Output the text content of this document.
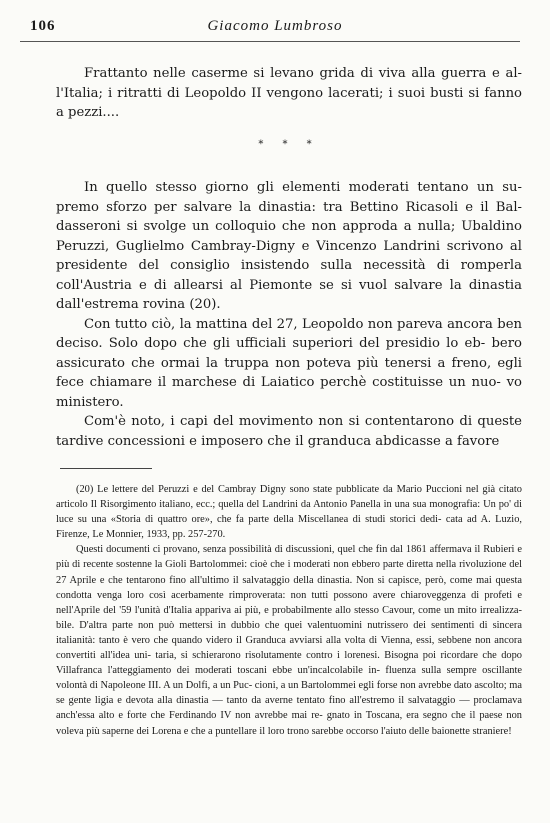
106	Giacomo Lumbroso

Frattanto nelle caserme si levano grida di viva alla guerra e al- l'Italia; i ritratti di Leopoldo II vengono lacerati; i suoi busti si fanno a pezzi....

* * *

In quello stesso giorno gli elementi moderati tentano un su- premo sforzo per salvare la dinastia: tra Bettino Ricasoli e il Bal- dasseroni si svolge un colloquio che non approda a nulla; Ubaldino Peruzzi, Guglielmo Cambray-Digny e Vincenzo Landrini scrivono al presidente del consiglio insistendo sulla necessità di romperla coll'Austria e di allearsi al Piemonte se si vuol salvare la dinastia dall'estrema rovina (20).

Con tutto ciò, la mattina del 27, Leopoldo non pareva ancora ben deciso. Solo dopo che gli ufficiali superiori del presidio lo eb- bero assicurato che ormai la truppa non poteva più tenersi a freno, egli fece chiamare il marchese di Laiatico perchè costituisse un nuo- vo ministero.

Com'è noto, i capi del movimento non si contentarono di queste tardive concessioni e imposero che il granduca abdicasse a favore

(20) Le lettere del Peruzzi e del Cambray Digny sono state pubblicate da Mario Puccioni nel già citato articolo Il Risorgimento italiano, ecc.; quella del Landrini da Antonio Panella in una sua monografia: Un po' di luce su una «Storia di quattro ore», che fa parte della Miscellanea di studi storici dedi- cata ad A. Luzio, Firenze, Le Monnier, 1933, pp. 257-270.

Questi documenti ci provano, senza possibilità di discussioni, quel che fin dal 1861 affermava il Rubieri e più di recente sostenne la Gioli Bartolommei: cioè che i moderati non ebbero parte diretta nella rivoluzione del 27 Aprile e che tentarono fino all'ultimo il salvataggio della dinastia. Non si capisce, però, come mai questa condotta venga loro così acerbamente rimproverata: non tutti possono avere chiaroveggenza di profeti e nell'Aprile del '59 l'unità d'Italia appariva ai più, e probabilmente allo stesso Cavour, come un mito irrealizza- bile. D'altra parte non può mettersi in dubbio che quei valentuomini nutrissero dei sentimenti di sincera italianità: tanto è vero che quando videro il Granduca avviarsi alla volta di Vienna, essi, sebbene non ancora convertiti all'idea uni- taria, si schierarono risolutamente contro i lorenesi. Bisogna poi ricordare che dopo Villafranca l'atteggiamento dei moderati toscani ebbe un'incalcolabile in- fluenza sulla sempre oscillante volontà di Napoleone III. A un Dolfi, a un Puc- cioni, a un Bartolommei egli forse non avrebbe dato ascolto; ma se gente ligia e devota alla dinastia — tanto da averne tentato fino all'estremo il salvataggio — proclamava anch'essa alto e forte che Ferdinando IV non avrebbe mai re- gnato in Toscana, era segno che il paese non voleva più saperne dei Lorena e che a puntellare il loro trono sarebbe occorso l'aiuto delle baionette straniere!
